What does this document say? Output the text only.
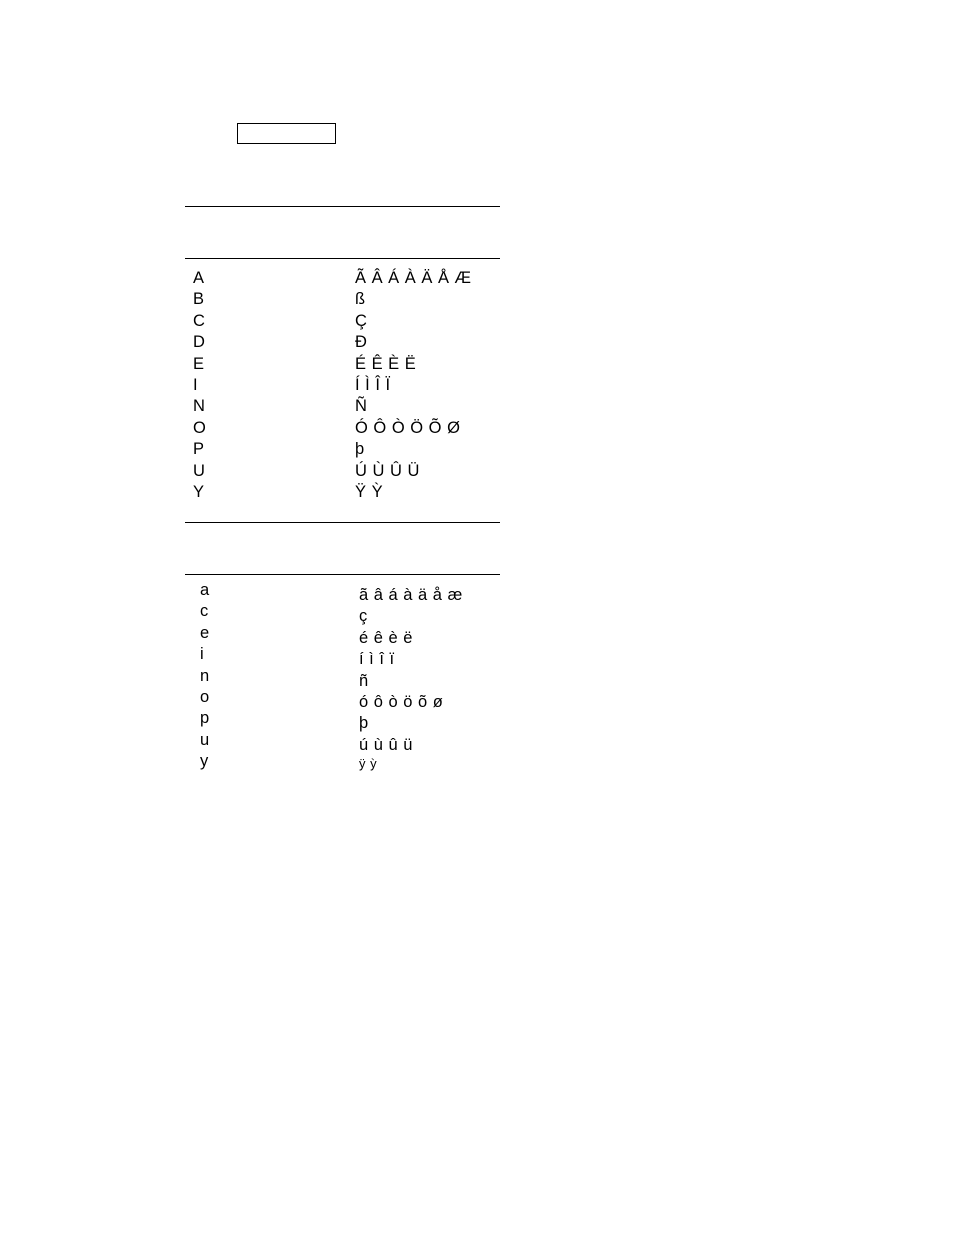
A	Ã Â Á À Ä Å Æ
B	ß
C	Ç
D	Ð
E	É Ê È Ë
I	Í Ì Î Ï
N	Ñ
O	Ó Ô Ò Ö Õ Ø
P	þ
U	Ú Ù Û Ü
Y	Ÿ Ỳ
a	ã â á à ä å æ
c	ç
e	é ê è ë
i	í ì î ï
n	ñ
o	ó ô ò ö õ ø
p	þ
u	ú ù û ü
y	ÿ ỳ
